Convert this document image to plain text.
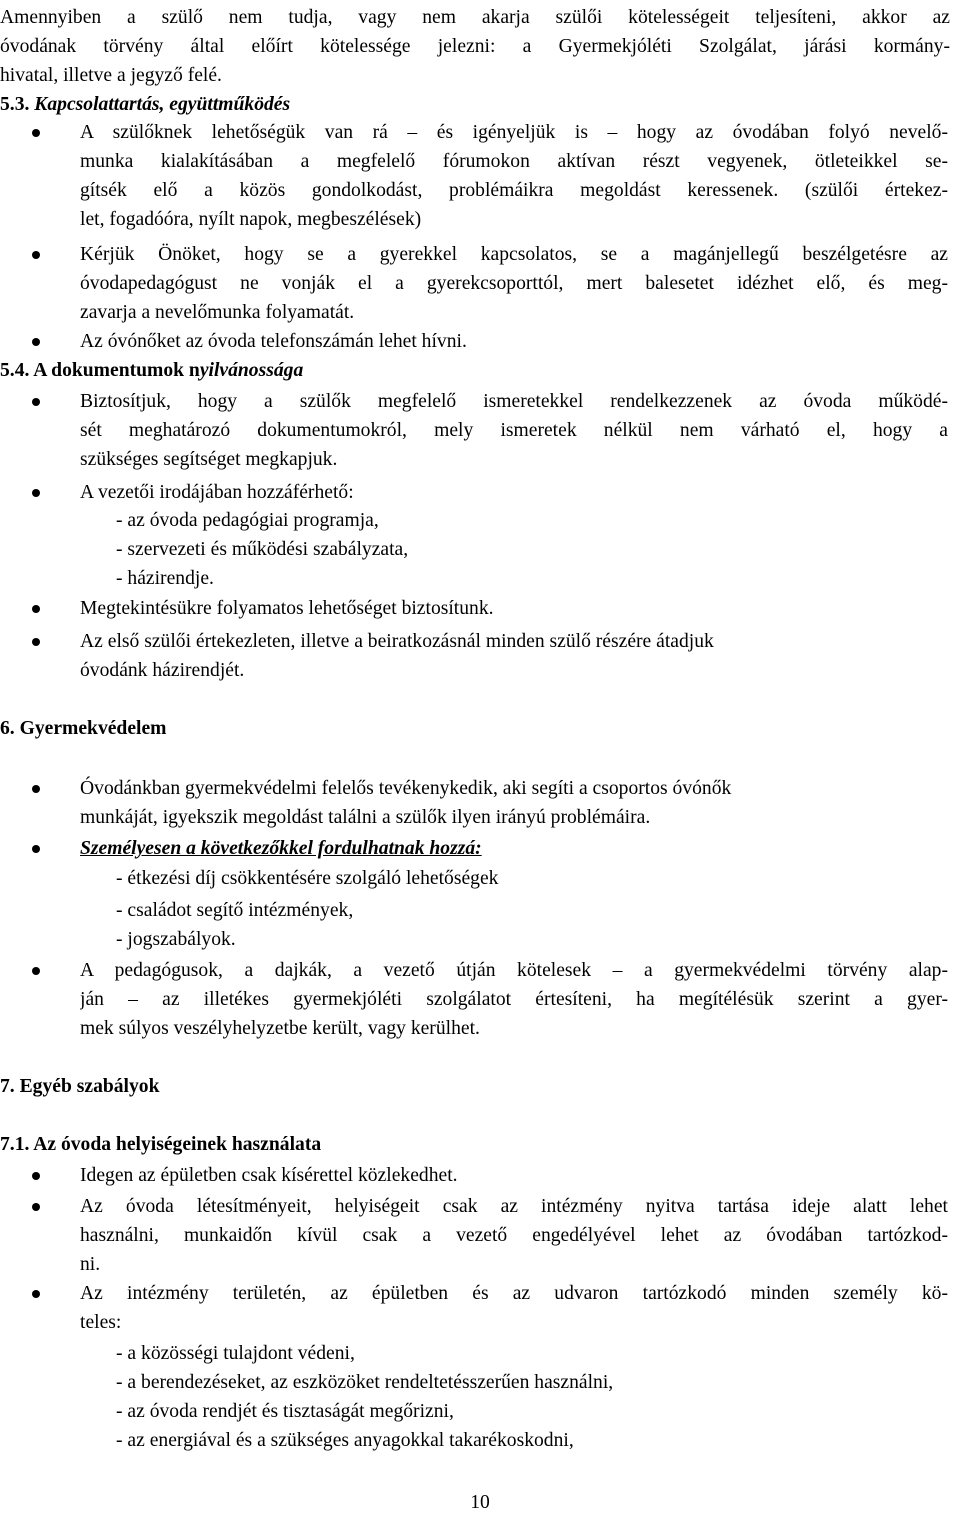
Amennyiben a szülő nem tudja, vagy nem akarja szülői kötelességeit teljesíteni, akkor az
óvodának törvény által előírt kötelessége jelezni: a Gyermekjóléti Szolgálat, járási kormány-
hivatal, illetve a jegyző felé.
5.3. Kapcsolattartás, együttműködés
A szülőknek lehetőségük van rá – és igényeljük is – hogy az óvodában folyó nevelő-
munka kialakításában a megfelelő fórumokon aktívan részt vegyenek, ötleteikkel se-
gítsék elő a közös gondolkodást, problémáikra megoldást keressenek. (szülői értekez-
let, fogadóóra, nyílt napok, megbeszélések)
Kérjük Önöket, hogy se a gyerekkel kapcsolatos, se a magánjellegű beszélgetésre az
óvodapedagógust ne vonják el a gyerekcsoporttól, mert balesetet idézhet elő, és meg-
zavarja a nevelőmunka folyamatát.
Az óvónőket az óvoda telefonszámán lehet hívni.
5.4. A dokumentumok nyilvánossága
Biztosítjuk, hogy a szülők megfelelő ismeretekkel rendelkezzenek az óvoda működé-
sét meghatározó dokumentumokról, mely ismeretek nélkül nem várható el, hogy a
szükséges segítséget megkapjuk.
A vezetői irodájában hozzáférhető:
- az óvoda pedagógiai programja,
- szervezeti és működési szabályzata,
- házirendje.
Megtekintésükre folyamatos lehetőséget biztosítunk.
Az első szülői értekezleten, illetve a beiratkozásnál minden szülő részére átadjuk
óvodánk házirendjét.
6. Gyermekvédelem
Óvodánkban gyermekvédelmi felelős tevékenykedik, aki segíti a csoportos óvónők
munkáját, igyekszik megoldást találni a szülők ilyen irányú problémáira.
Személyesen a következőkkel fordulhatnak hozzá:
- étkezési díj csökkentésére szolgáló lehetőségek
- családot segítő intézmények,
- jogszabályok.
A pedagógusok, a dajkák, a vezető útján kötelesek – a gyermekvédelmi törvény alap-
ján – az illetékes gyermekjóléti szolgálatot értesíteni, ha megítélésük szerint a gyer-
mek súlyos veszélyhelyzetbe került, vagy kerülhet.
7. Egyéb szabályok
7.1. Az óvoda helyiségeinek használata
Idegen az épületben csak kísérettel közlekedhet.
Az óvoda létesítményeit, helyiségeit csak az intézmény nyitva tartása ideje alatt lehet
használni, munkaidőn kívül csak a vezető engedélyével lehet az óvodában tartózkod-
ni.
Az intézmény területén, az épületben és az udvaron tartózkodó minden személy kö-
teles:
- a közösségi tulajdont védeni,
- a berendezéseket, az eszközöket rendeltetésszerűen használni,
- az óvoda rendjét és tisztaságát megőrizni,
- az energiával és a szükséges anyagokkal takarékoskodni,
10
